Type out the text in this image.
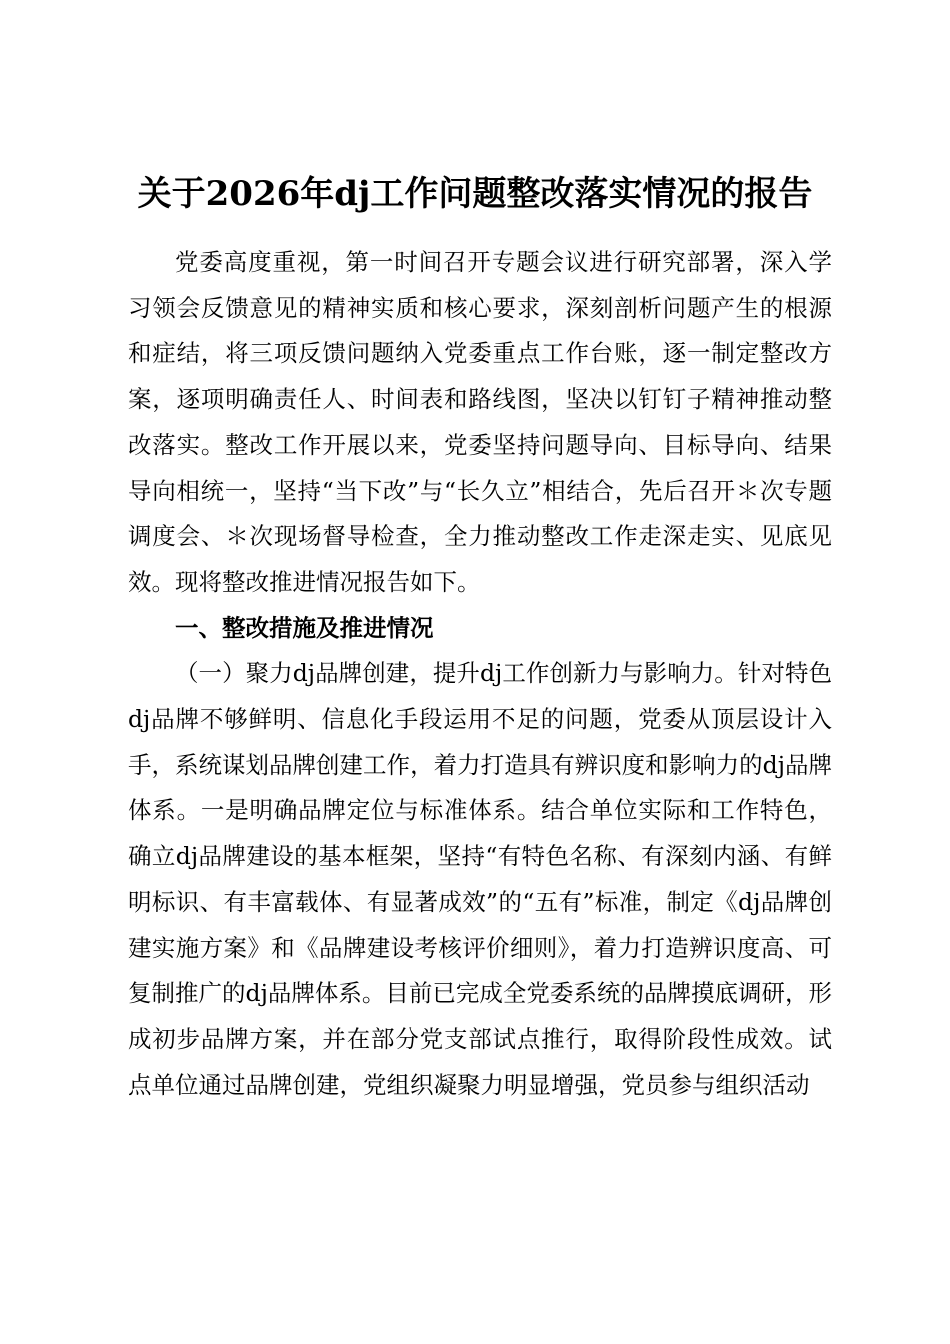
关于2026年dj工作问题整改落实情况的报告

党委高度重视，第一时间召开专题会议进行研究部署，深入学习领会反馈意见的精神实质和核心要求，深刻剖析问题产生的根源和症结，将三项反馈问题纳入党委重点工作台账，逐一制定整改方案，逐项明确责任人、时间表和路线图，坚决以钉钉子精神推动整改落实。整改工作开展以来，党委坚持问题导向、目标导向、结果导向相统一，坚持“当下改”与“长久立”相结合，先后召开＊次专题调度会、＊次现场督导检查，全力推动整改工作走深走实、见底见效。现将整改推进情况报告如下。

一、整改措施及推进情况

（一）聚力dj品牌创建，提升dj工作创新力与影响力。针对特色dj品牌不够鲜明、信息化手段运用不足的问题，党委从顶层设计入手，系统谋划品牌创建工作，着力打造具有辨识度和影响力的dj品牌体系。一是明确品牌定位与标准体系。结合单位实际和工作特色，确立dj品牌建设的基本框架，坚持“有特色名称、有深刻内涵、有鲜明标识、有丰富载体、有显著成效”的“五有”标准，制定《dj品牌创建实施方案》和《品牌建设考核评价细则》，着力打造辨识度高、可复制推广的dj品牌体系。目前已完成全党委系统的品牌摸底调研，形成初步品牌方案，并在部分党支部试点推行，取得阶段性成效。试点单位通过品牌创建，党组织凝聚力明显增强，党员参与组织活动
